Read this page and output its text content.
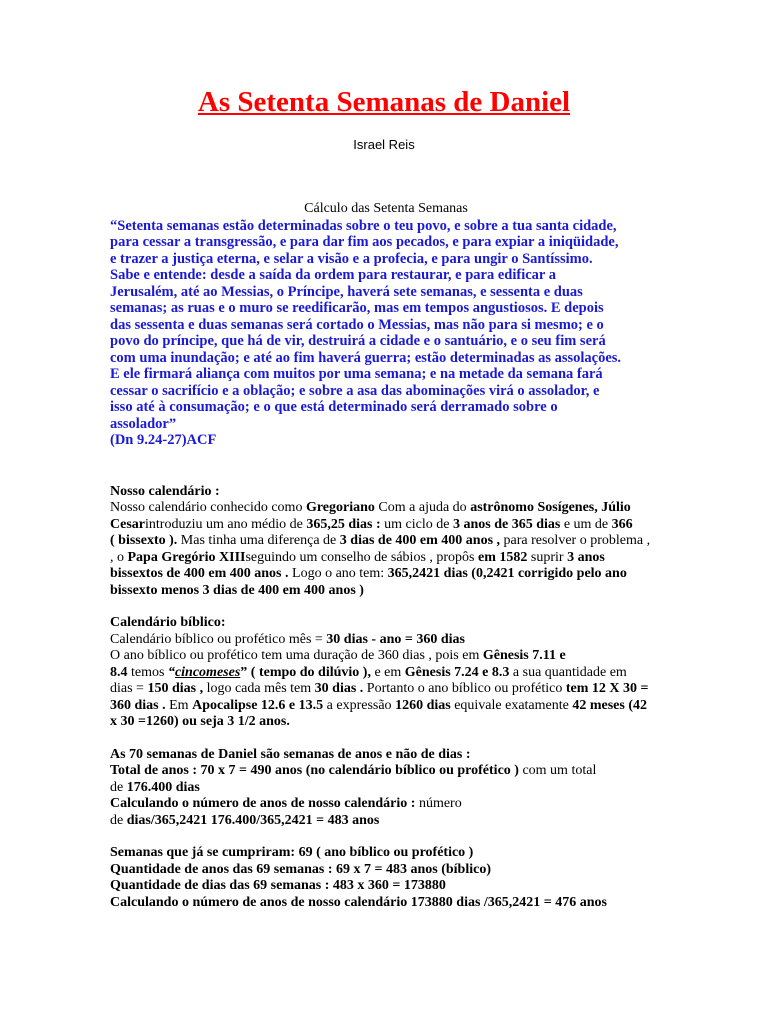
As Setenta Semanas de Daniel
Israel Reis
Cálculo das Setenta Semanas
“Setenta semanas estão determinadas sobre o teu povo, e sobre a tua santa cidade,
para cessar a transgressão, e para dar fim aos pecados, e para expiar a iniqüidade,
e trazer a justiça eterna, e selar a visão e a profecia, e para ungir o Santíssimo.
Sabe e entende: desde a saída da ordem para restaurar, e para edificar a
Jerusalém, até ao Messias, o Príncipe, haverá sete semanas, e sessenta e duas
semanas; as ruas e o muro se reedificarão, mas em tempos angustiosos. E depois
das sessenta e duas semanas será cortado o Messias, mas não para si mesmo; e o
povo do príncipe, que há de vir, destruirá a cidade e o santuário, e o seu fim será
com uma inundação; e até ao fim haverá guerra; estão determinadas as assolações.
E ele firmará aliança com muitos por uma semana; e na metade da semana fará
cessar o sacrifício e a oblação; e sobre a asa das abominações virá o assolador, e
isso até à consumação; e o que está determinado será derramado sobre o
assolador”
(Dn 9.24-27)ACF
Nosso calendário :
Nosso calendário conhecido como Gregoriano Com a ajuda do astrônomo Sosígenes, Júlio
Cesarintroduziu um ano médio de 365,25 dias : um ciclo de 3 anos de 365 dias e um de 366
( bissexto ). Mas tinha uma diferença de 3 dias de 400 em 400 anos , para resolver o problema ,
, o Papa Gregório XIIIseguindo um conselho de sábios , propôs em 1582 suprir 3 anos
bissextos de 400 em 400 anos . Logo o ano tem: 365,2421 dias (0,2421 corrigido pelo ano
bissexto menos 3 dias de 400 em 400 anos )
Calendário bíblico:
Calendário bíblico ou profético mês = 30 dias - ano = 360 dias
O ano bíblico ou profético tem uma duração de 360 dias , pois em Gênesis 7.11 e
8.4 temos “cincomeses” ( tempo do dilúvio ), e em Gênesis 7.24 e 8.3 a sua quantidade em
dias = 150 dias , logo cada mês tem 30 dias . Portanto o ano bíblico ou profético tem 12 X 30 =
360 dias . Em Apocalipse 12.6 e 13.5 a expressão 1260 dias equivale exatamente 42 meses (42
x 30 =1260) ou seja 3 1/2 anos.
As 70 semanas de Daniel são semanas de anos e não de dias :
Total de anos : 70 x 7 = 490 anos (no calendário bíblico ou profético ) com um total
de 176.400 dias
Calculando o número de anos de nosso calendário : número
de dias/365,2421 176.400/365,2421 = 483 anos
Semanas que já se cumpriram: 69 ( ano bíblico ou profético )
Quantidade de anos das 69 semanas : 69 x 7 = 483 anos (bíblico)
Quantidade de dias das 69 semanas : 483 x 360 = 173880
Calculando o número de anos de nosso calendário 173880 dias /365,2421 = 476 anos
